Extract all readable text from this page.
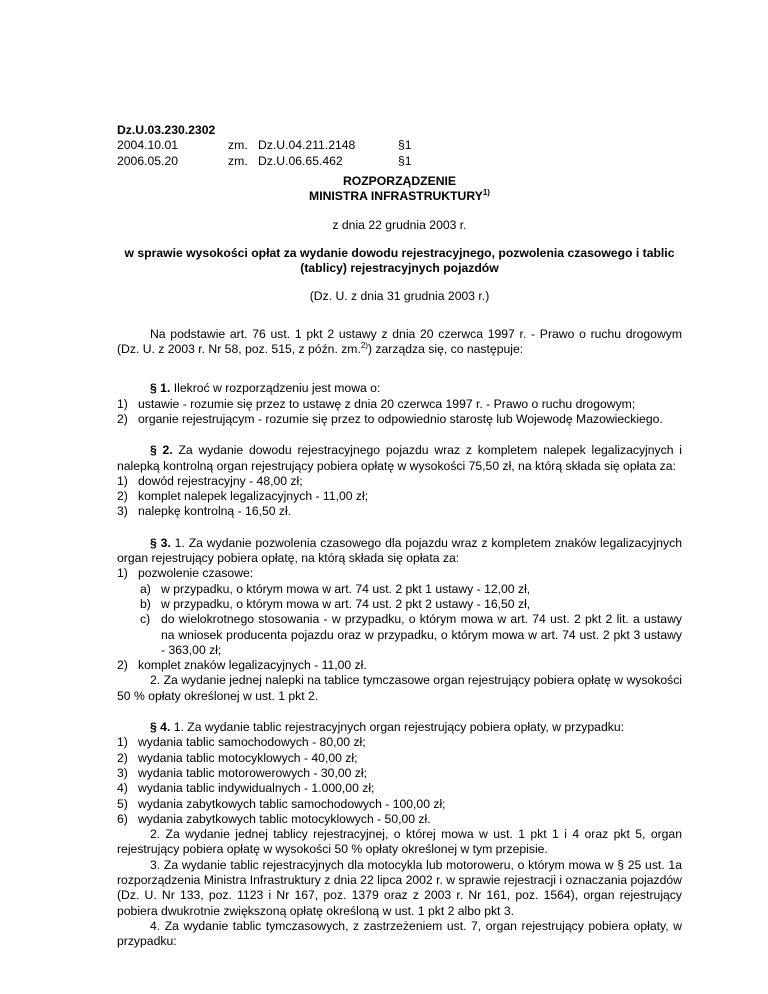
Dz.U.03.230.2302
2004.10.01	zm. Dz.U.04.211.2148	§1
2006.05.20	zm. Dz.U.06.65.462	§1

ROZPORZĄDZENIE

MINISTRA INFRASTRUKTURY$^{1)}$

z dnia 22 grudnia 2003 r.

w sprawie wysokości opłat za wydanie dowodu rejestracyjnego, pozwolenia czasowego i tablic (tablicy) rejestracyjnych pojazdów

(Dz. U. z dnia 31 grudnia 2003 r.)

Na podstawie art. 76 ust. 1 pkt 2 ustawy z dnia 20 czerwca 1997 r. - Prawo o ruchu drogowym (Dz. U. z 2003 r. Nr 58, poz. 515, z późn. zm.$^{2)}$) zarządza się, co następuje:

§ 1. Ilekroć w rozporządzeniu jest mowa o:

1) ustawie - rozumie się przez to ustawę z dnia 20 czerwca 1997 r. - Prawo o ruchu drogowym;
2) organie rejestrującym - rozumie się przez to odpowiednio starostę lub Wojewodę Mazowieckiego.

§ 2. Za wydanie dowodu rejestracyjnego pojazdu wraz z kompletem nalepek legalizacyjnych i nalepką kontrolną organ rejestrujący pobiera opłatę w wysokości 75,50 zł, na którą składa się opłata za:

1) dowód rejestracyjny - 48,00 zł;
2) komplet nalepek legalizacyjnych - 11,00 zł;
3) nalepkę kontrolną - 16,50 zł.

§ 3. 1. Za wydanie pozwolenia czasowego dla pojazdu wraz z kompletem znaków legalizacyjnych organ rejestrujący pobiera opłatę, na którą składa się opłata za:

1) pozwolenie czasowe:
a) w przypadku, o którym mowa w art. 74 ust. 2 pkt 1 ustawy - 12,00 zł,
b) w przypadku, o którym mowa w art. 74 ust. 2 pkt 2 ustawy - 16,50 zł,
c) do wielokrotnego stosowania - w przypadku, o którym mowa w art. 74 ust. 2 pkt 2 lit. a ustawy na wniosek producenta pojazdu oraz w przypadku, o którym mowa w art. 74 ust. 2 pkt 3 ustawy - 363,00 zł;
2) komplet znaków legalizacyjnych - 11,00 zł.

2. Za wydanie jednej nalepki na tablice tymczasowe organ rejestrujący pobiera opłatę w wysokości 50 % opłaty określonej w ust. 1 pkt 2.

§ 4. 1. Za wydanie tablic rejestracyjnych organ rejestrujący pobiera opłaty, w przypadku:

1) wydania tablic samochodowych - 80,00 zł;
2) wydania tablic motocyklowych - 40,00 zł;
3) wydania tablic motorowerowych - 30,00 zł;
4) wydania tablic indywidualnych - 1.000,00 zł;
5) wydania zabytkowych tablic samochodowych - 100,00 zł;
6) wydania zabytkowych tablic motocyklowych - 50,00 zł.

2. Za wydanie jednej tablicy rejestracyjnej, o której mowa w ust. 1 pkt 1 i 4 oraz pkt 5, organ rejestrujący pobiera opłatę w wysokości 50 % opłaty określonej w tym przepisie.

3. Za wydanie tablic rejestracyjnych dla motocykla lub motoroweru, o którym mowa w § 25 ust. 1a rozporządzenia Ministra Infrastruktury z dnia 22 lipca 2002 r. w sprawie rejestracji i oznaczania pojazdów (Dz. U. Nr 133, poz. 1123 i Nr 167, poz. 1379 oraz z 2003 r. Nr 161, poz. 1564), organ rejestrujący pobiera dwukrotnie zwiększoną opłatę określoną w ust. 1 pkt 2 albo pkt 3.

4. Za wydanie tablic tymczasowych, z zastrzeżeniem ust. 7, organ rejestrujący pobiera opłaty, w przypadku:
